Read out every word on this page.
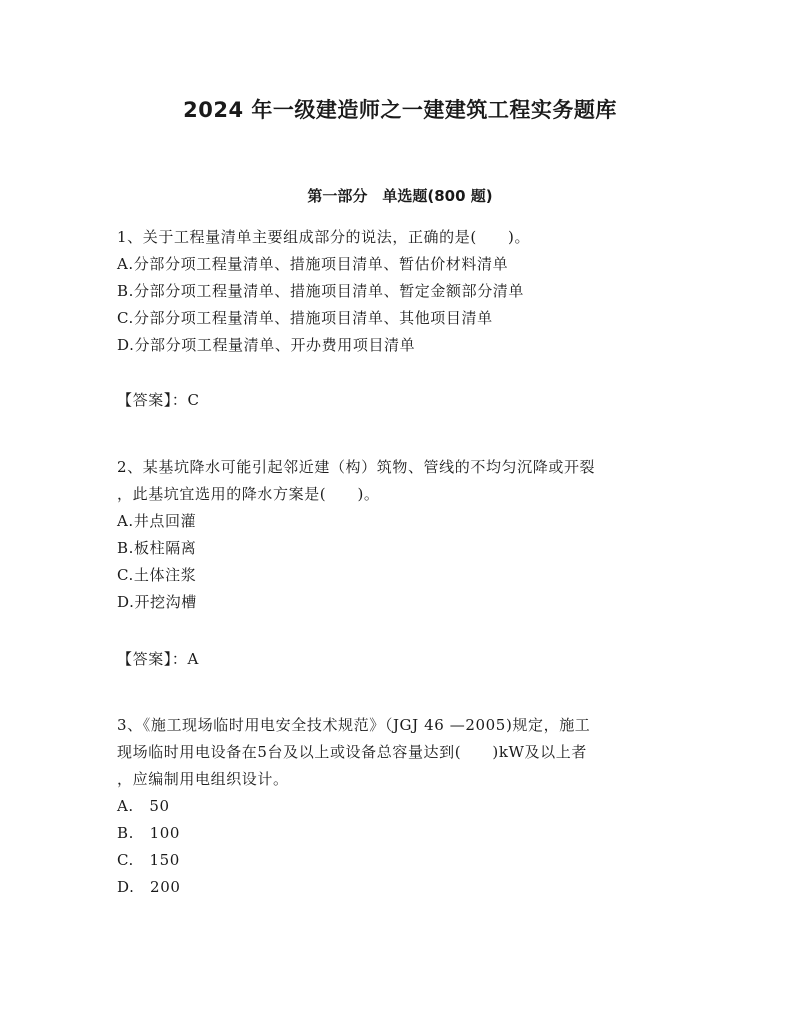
2024 年一级建造师之一建建筑工程实务题库
第一部分　单选题(800 题)
1、关于工程量清单主要组成部分的说法，正确的是(　　)。
A.分部分项工程量清单、措施项目清单、暂估价材料清单
B.分部分项工程量清单、措施项目清单、暂定金额部分清单
C.分部分项工程量清单、措施项目清单、其他项目清单
D.分部分项工程量清单、开办费用项目清单
【答案】：C
2、某基坑降水可能引起邻近建（构）筑物、管线的不均匀沉降或开裂
，此基坑宜选用的降水方案是(　　)。
A.井点回灌
B.板柱隔离
C.土体注浆
D.开挖沟槽
【答案】：A
3、《施工现场临时用电安全技术规范》（JGJ 46 —2005)规定，施工
现场临时用电设备在5台及以上或设备总容量达到(　　)kW及以上者
，应编制用电组织设计。
A.　50
B.　100
C.　150
D.　200
